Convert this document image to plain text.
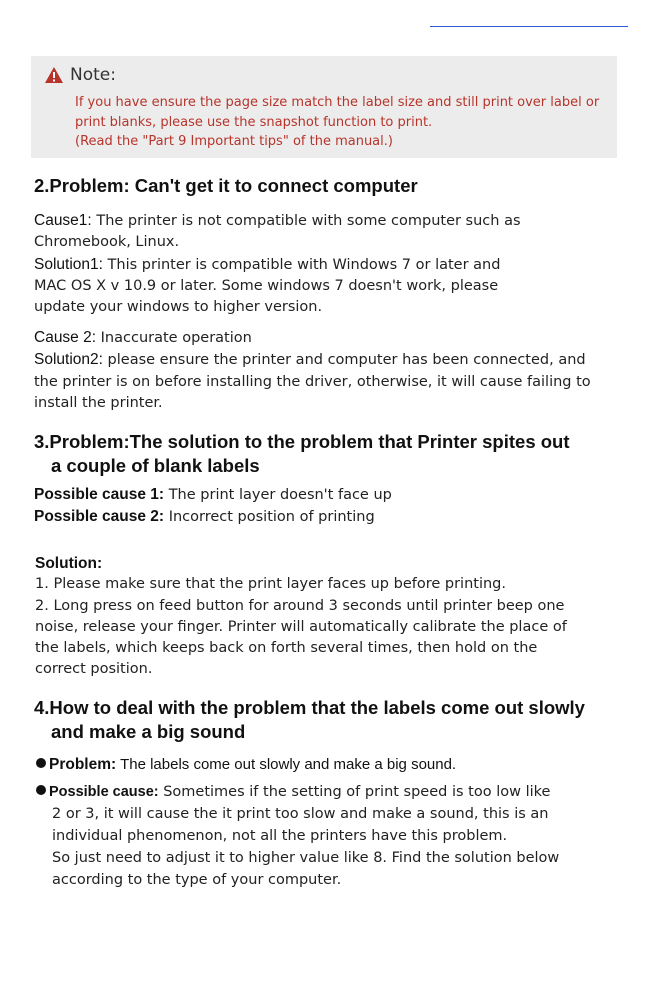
Note:
If you have ensure the page size match the label size and still print over label or
print blanks, please use the snapshot function to print.
(Read the "Part 9 Important tips" of the manual.)
2.Problem: Can't get it to connect computer
Cause1: The printer is not compatible with some computer such as
Chromebook, Linux.
Solution1: This printer is compatible with Windows 7 or later and
MAC OS X v 10.9 or later. Some windows 7 doesn't work, please
update your windows to higher version.
Cause 2: Inaccurate operation
Solution2: please ensure the printer and computer has been connected, and
the printer is on before installing the driver, otherwise, it will cause failing to
install the printer.
3.Problem:The solution to the problem that Printer spites out
a couple of blank labels
Possible cause 1: The print layer doesn't face up
Possible cause 2: Incorrect position of printing
Solution:
1. Please make sure that the print layer faces up before printing.
2. Long press on feed button for around 3 seconds until printer beep one
noise, release your finger. Printer will automatically calibrate the place of
the labels, which keeps back on forth several times, then hold on the
correct position.
4.How to deal with the problem that the labels come out slowly
and make a big sound
Problem: The labels come out slowly and make a big sound.
Possible cause: Sometimes if the setting of print speed is too low like
2 or 3, it will cause the it print too slow and make a sound, this is an
individual phenomenon, not all the printers have this problem.
So just need to adjust it to higher value like 8. Find the solution below
according to the type of your computer.
